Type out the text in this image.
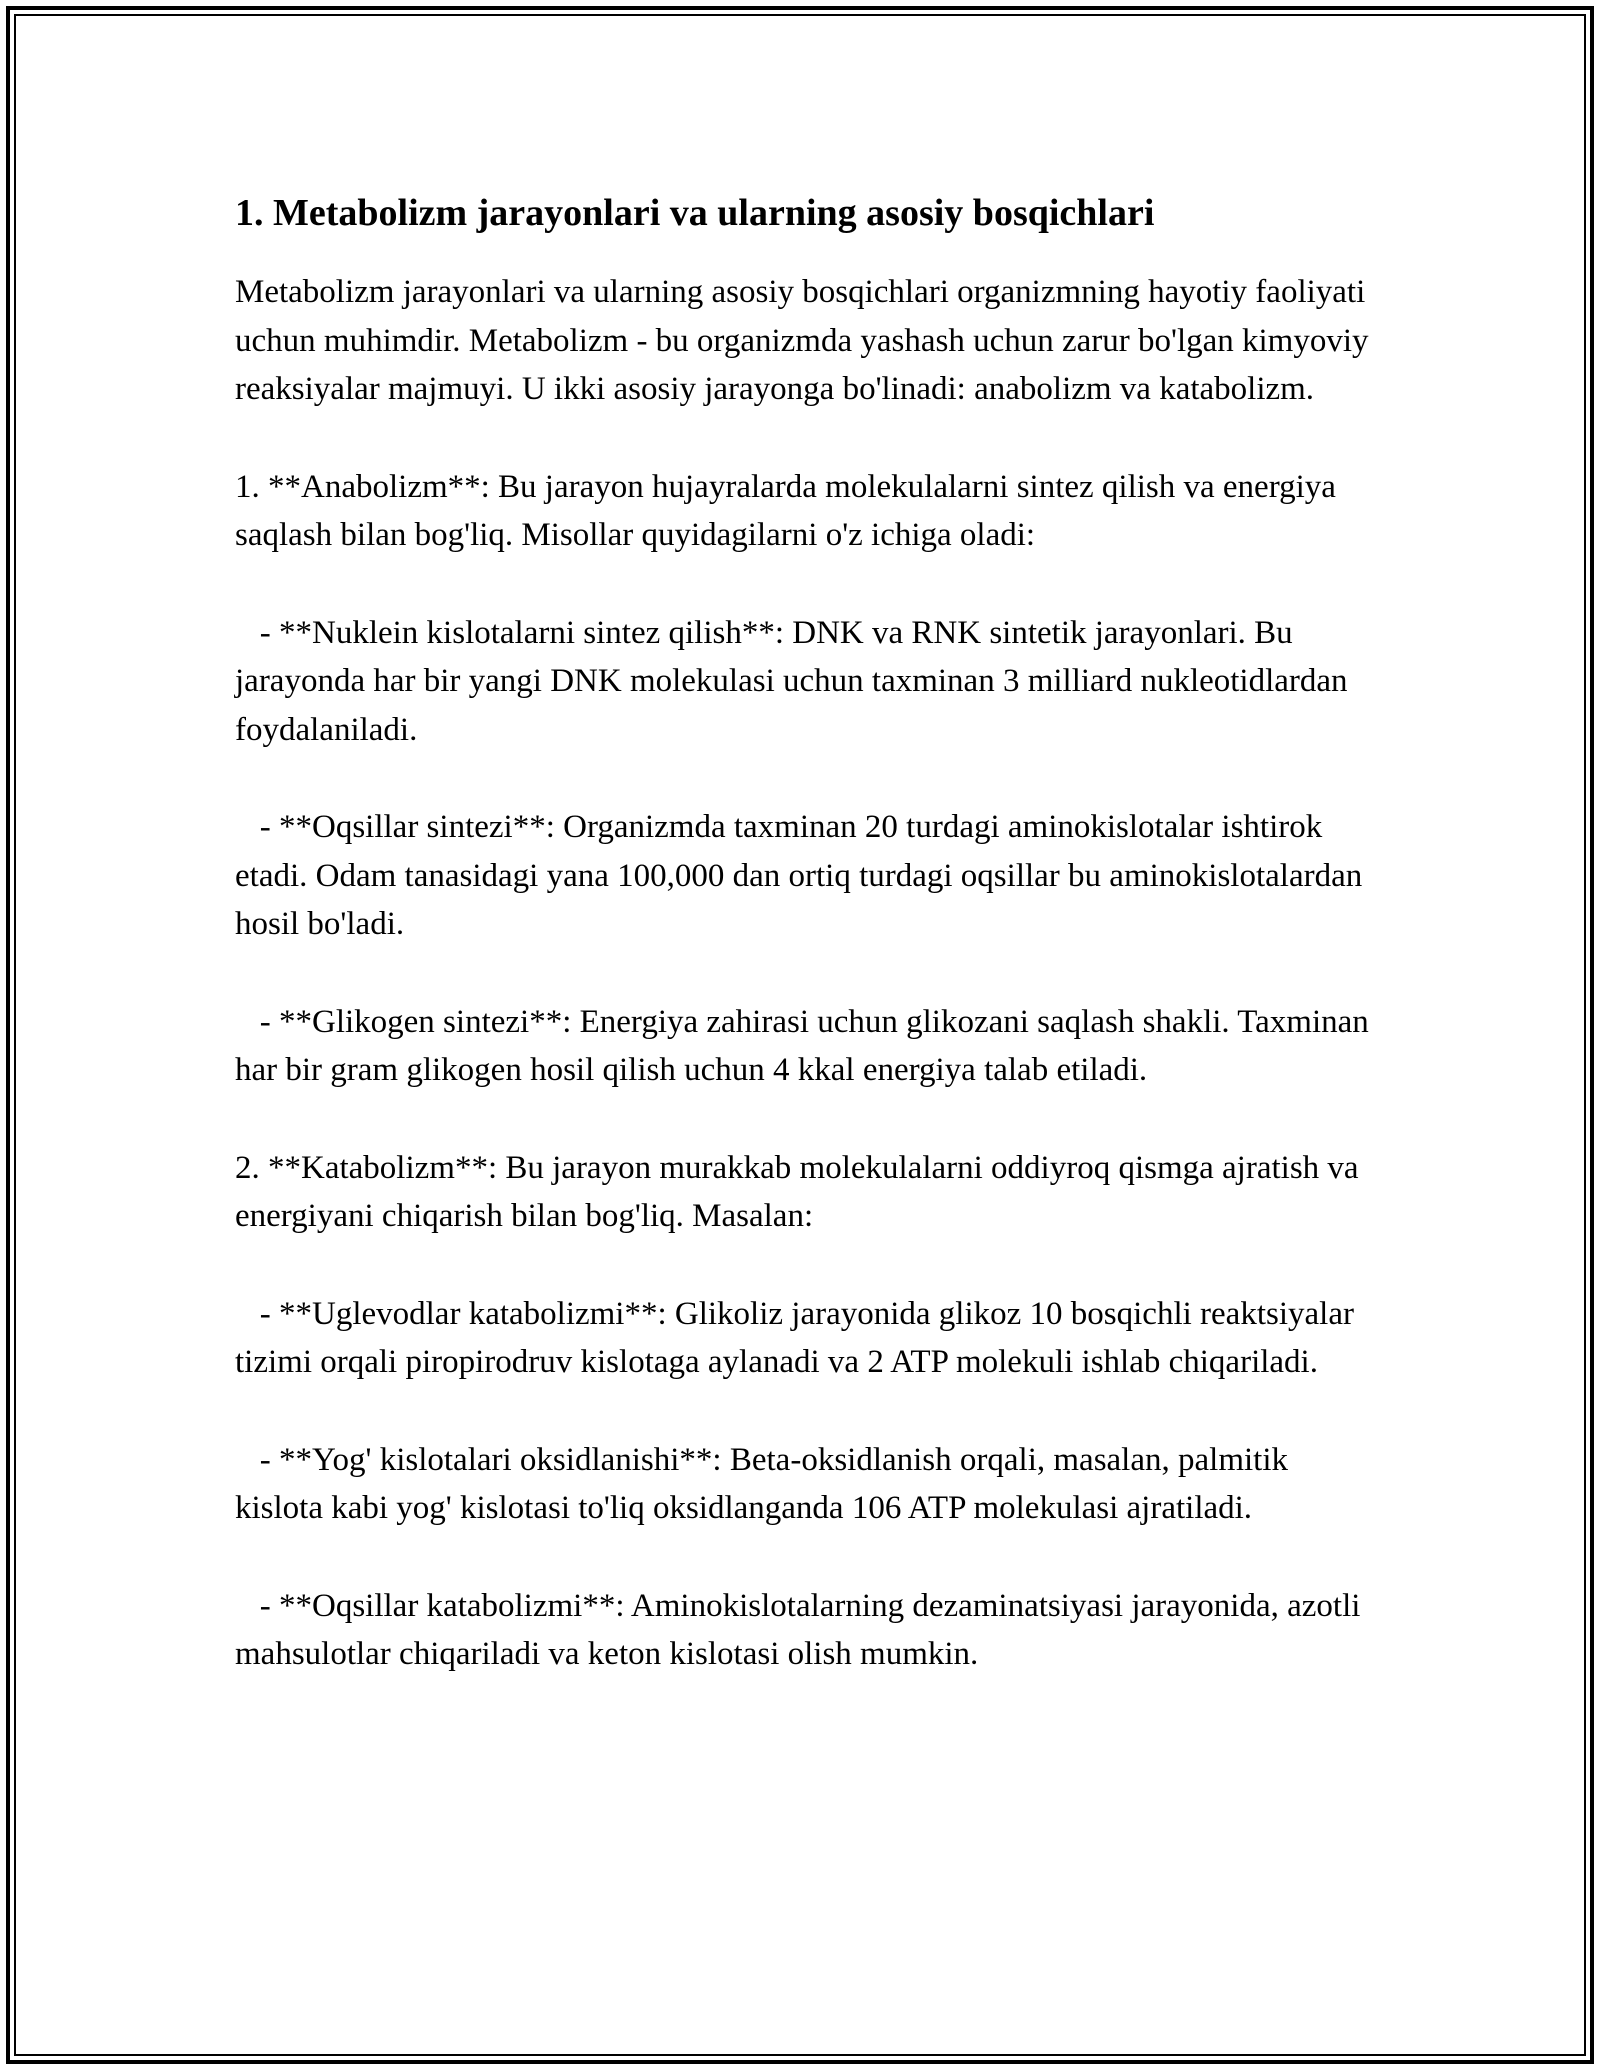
1. Metabolizm jarayonlari va ularning asosiy bosqichlari

Metabolizm jarayonlari va ularning asosiy bosqichlari organizmning hayotiy faoliyati uchun muhimdir. Metabolizm - bu organizmda yashash uchun zarur bo'lgan kimyoviy reaksiyalar majmuyi. U ikki asosiy jarayonga bo'linadi: anabolizm va katabolizm.

1. **Anabolizm**: Bu jarayon hujayralarda molekulalarni sintez qilish va energiya saqlash bilan bog'liq. Misollar quyidagilarni o'z ichiga oladi:

- **Nuklein kislotalarni sintez qilish**: DNK va RNK sintetik jarayonlari. Bu jarayonda har bir yangi DNK molekulasi uchun taxminan 3 milliard nukleotidlardan foydalaniladi.

- **Oqsillar sintezi**: Organizmda taxminan 20 turdagi aminokislotalar ishtirok etadi. Odam tanasidagi yana 100,000 dan ortiq turdagi oqsillar bu aminokislotalardan hosil bo'ladi.

- **Glikogen sintezi**: Energiya zahirasi uchun glikozani saqlash shakli. Taxminan har bir gram glikogen hosil qilish uchun 4 kkal energiya talab etiladi.

2. **Katabolizm**: Bu jarayon murakkab molekulalarni oddiyroq qismga ajratish va energiyani chiqarish bilan bog'liq. Masalan:

- **Uglevodlar katabolizmi**: Glikoliz jarayonida glikoz 10 bosqichli reaktsiyalar tizimi orqali piropirodruv kislotaga aylanadi va 2 ATP molekuli ishlab chiqariladi.

- **Yog' kislotalari oksidlanishi**: Beta-oksidlanish orqali, masalan, palmitik kislota kabi yog' kislotasi to'liq oksidlanganda 106 ATP molekulasi ajratiladi.

- **Oqsillar katabolizmi**: Aminokislotalarning dezaminatsiyasi jarayonida, azotli mahsulotlar chiqariladi va keton kislotasi olish mumkin.
